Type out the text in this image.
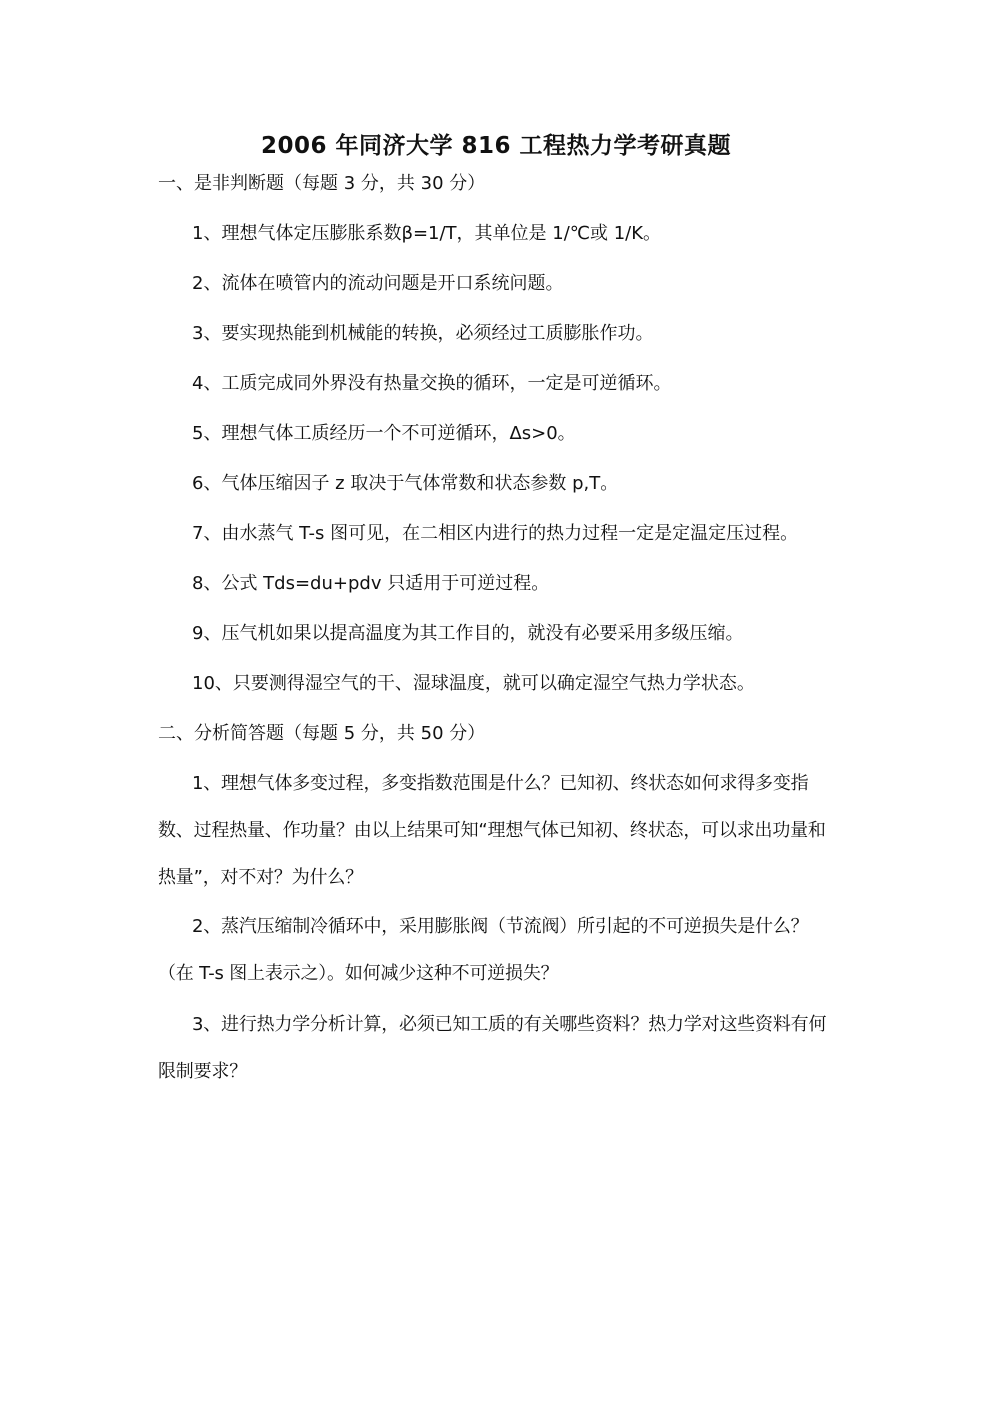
2006 年同济大学 816 工程热力学考研真题
一、是非判断题（每题 3 分，共 30 分）
1、理想气体定压膨胀系数β=1/T，其单位是 1/℃或 1/K。
2、流体在喷管内的流动问题是开口系统问题。
3、要实现热能到机械能的转换，必须经过工质膨胀作功。
4、工质完成同外界没有热量交换的循环，一定是可逆循环。
5、理想气体工质经历一个不可逆循环，Δs>0。
6、气体压缩因子 z 取决于气体常数和状态参数 p,T。
7、由水蒸气 T-s 图可见，在二相区内进行的热力过程一定是定温定压过程。
8、公式 Tds=du+pdv 只适用于可逆过程。
9、压气机如果以提高温度为其工作目的，就没有必要采用多级压缩。
10、只要测得湿空气的干、湿球温度，就可以确定湿空气热力学状态。
二、分析简答题（每题 5 分，共 50 分）
1、理想气体多变过程，多变指数范围是什么？已知初、终状态如何求得多变指数、过程热量、作功量？由以上结果可知“理想气体已知初、终状态，可以求出功量和热量”，对不对？为什么？
2、蒸汽压缩制冷循环中，采用膨胀阀（节流阀）所引起的不可逆损失是什么？（在 T-s 图上表示之）。如何减少这种不可逆损失？
3、进行热力学分析计算，必须已知工质的有关哪些资料？热力学对这些资料有何限制要求？
